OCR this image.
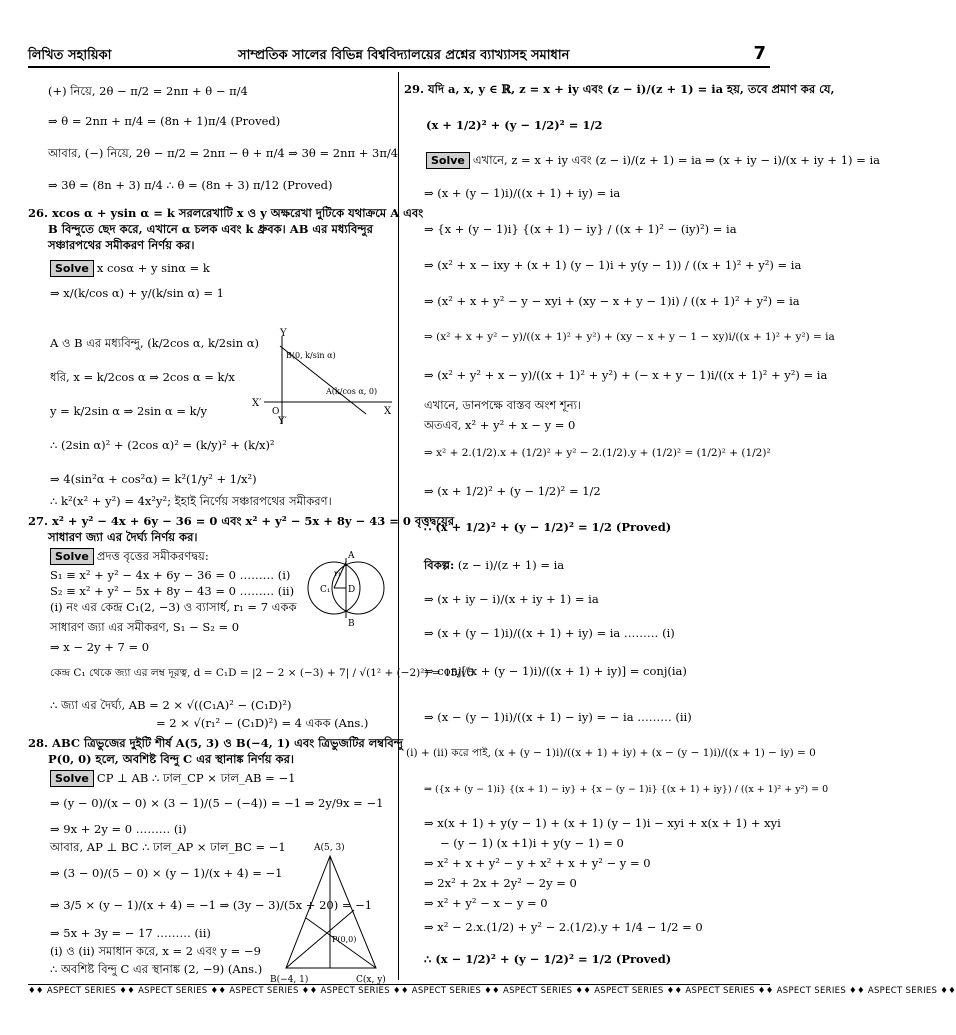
লিখিত সহায়িকা	সাম্প্রতিক সালের বিভিন্ন বিশ্ববিদ্যালয়ের প্রশ্নের ব্যাখ্যাসহ সমাধান	7
(+) নিয়ে, 2θ − π/2 = 2nπ + θ − π/4
⇒ θ = 2nπ + π/4 = (8n + 1)π/4 (Proved)
আবার, (−) নিয়ে, 2θ − π/2 = 2nπ − θ + π/4 ⇒ 3θ = 2nπ + 3π/4
⇒ 3θ = (8n + 3) π/4 ∴ θ = (8n + 3) π/12 (Proved)
26. xcos α + ysin α = k সরলরেখাটি x ও y অক্ষরেখা দুটিকে যথাক্রমে A এবং
B বিন্দুতে ছেদ করে, এখানে α চলক এবং k ধ্রুবক। AB এর মধ্যবিন্দুর
সঞ্চারপথের সমীকরণ নির্ণয় কর।
Solve x cosα + y sinα = k
⇒ x/(k/cos α) + y/(k/sin α) = 1
A ও B এর মধ্যবিন্দু, (k/2cos α, k/2sin α)
ধরি, x = k/2cos α ⇒ 2cos α = k/x
y = k/2sin α ⇒ 2sin α = k/y
∴ (2sin α)² + (2cos α)² = (k/y)² + (k/x)²
⇒ 4(sin²α + cos²α) = k²(1/y² + 1/x²)
∴ k²(x² + y²) = 4x²y²; ইহাই নির্ণেয় সঞ্চারপথের সমীকরণ।
Y
X
X′
Y′
O
B(0, k/sin α)
A(k/cos α, 0)
27. x² + y² − 4x + 6y − 36 = 0 এবং x² + y² − 5x + 8y − 43 = 0 বৃত্তদ্বয়ের
সাধারণ জ্যা এর দৈর্ঘ্য নির্ণয় কর।
Solve প্রদত্ত বৃত্তের সমীকরণদ্বয়:
S₁ ≡ x² + y² − 4x + 6y − 36 = 0 ……… (i)
S₂ ≡ x² + y² − 5x + 8y − 43 = 0 ……… (ii)
(i) নং এর কেন্দ্র C₁(2, −3) ও ব্যাসার্ধ, r₁ = 7 একক
সাধারণ জ্যা এর সমীকরণ, S₁ − S₂ = 0
⇒ x − 2y + 7 = 0
কেন্দ্র C₁ থেকে জ্যা এর লম্ব দূরত্ব, d = C₁D = |2 − 2 × (−3) + 7| / √(1² + (−2)²) = 15/√5
∴ জ্যা এর দৈর্ঘ্য, AB = 2 × √((C₁A)² − (C₁D)²)
= 2 × √(r₁² − (C₁D)²) = 4 একক (Ans.)
A
B
C₁ D
r₁
28. ABC ত্রিভুজের দুইটি শীর্ষ A(5, 3) ও B(−4, 1) এবং ত্রিভুজটির লম্ববিন্দু
P(0, 0) হলে, অবশিষ্ট বিন্দু C এর স্থানাঙ্ক নির্ণয় কর।
Solve CP ⊥ AB ∴ ঢাল_CP × ঢাল_AB = −1
⇒ (y − 0)/(x − 0) × (3 − 1)/(5 − (−4)) = −1 ⇒ 2y/9x = −1
⇒ 9x + 2y = 0 ……… (i)
আবার, AP ⊥ BC ∴ ঢাল_AP × ঢাল_BC = −1
⇒ (3 − 0)/(5 − 0) × (y − 1)/(x + 4) = −1
⇒ 3/5 × (y − 1)/(x + 4) = −1 ⇒ (3y − 3)/(5x + 20) = −1
⇒ 5x + 3y = − 17 ……… (ii)
(i) ও (ii) সমাধান করে, x = 2 এবং y = −9
∴ অবশিষ্ট বিন্দু C এর স্থানাঙ্ক (2, −9) (Ans.)
A(5, 3)
B(−4, 1)	C(x, y)
P(0,0)
29. যদি a, x, y ∈ ℝ, z = x + iy এবং (z − i)/(z + 1) = ia হয়, তবে প্রমাণ কর যে,
(x + 1/2)² + (y − 1/2)² = 1/2
Solve এখানে, z = x + iy এবং (z − i)/(z + 1) = ia ⇒ (x + iy − i)/(x + iy + 1) = ia
⇒ (x + (y − 1)i)/((x + 1) + iy) = ia
⇒ {x + (y − 1)i} {(x + 1) − iy} / ((x + 1)² − (iy)²) = ia
⇒ (x² + x − ixy + (x + 1) (y − 1)i + y(y − 1)) / ((x + 1)² + y²) = ia
⇒ (x² + x + y² − y − xyi + (xy − x + y − 1)i) / ((x + 1)² + y²) = ia
⇒ (x² + x + y² − y)/((x + 1)² + y²) + (xy − x + y − 1 − xy)i/((x + 1)² + y²) = ia
⇒ (x² + y² + x − y)/((x + 1)² + y²) + (− x + y − 1)i/((x + 1)² + y²) = ia
এখানে, ডানপক্ষে বাস্তব অংশ শূন্য।
অতএব, x² + y² + x − y = 0
⇒ x² + 2.(1/2).x + (1/2)² + y² − 2.(1/2).y + (1/2)² = (1/2)² + (1/2)²
⇒ (x + 1/2)² + (y − 1/2)² = 1/2
∴ (x + 1/2)² + (y − 1/2)² = 1/2 (Proved)
বিকল্প: (z − i)/(z + 1) = ia
⇒ (x + iy − i)/(x + iy + 1) = ia
⇒ (x + (y − 1)i)/((x + 1) + iy) = ia ……… (i)
⇒ conj[(x + (y − 1)i)/((x + 1) + iy)] = conj(ia)
⇒ (x − (y − 1)i)/((x + 1) − iy) = − ia ……… (ii)
(i) + (ii) করে পাই, (x + (y − 1)i)/((x + 1) + iy) + (x − (y − 1)i)/((x + 1) − iy) = 0
⇒ ({x + (y − 1)i} {(x + 1) − iy} + {x − (y − 1)i} {(x + 1) + iy}) / ((x + 1)² + y²) = 0
⇒ x(x + 1) + y(y − 1) + (x + 1) (y − 1)i − xyi + x(x + 1) + xyi
− (y − 1) (x +1)i + y(y − 1) = 0
⇒ x² + x + y² − y + x² + x + y² − y = 0
⇒ 2x² + 2x + 2y² − 2y = 0
⇒ x² + y² − x − y = 0
⇒ x² − 2.x.(1/2) + y² − 2.(1/2).y + 1/4 − 1/2 = 0
∴ (x − 1/2)² + (y − 1/2)² = 1/2 (Proved)
♦♦ ASPECT SERIES ♦♦ ASPECT SERIES ♦♦ ASPECT SERIES ♦♦ ASPECT SERIES ♦♦ ASPECT SERIES ♦♦ ASPECT SERIES ♦♦ ASPECT SERIES ♦♦ ASPECT SERIES ♦♦ ASPECT SERIES ♦♦ ASPECT SERIES ♦♦
